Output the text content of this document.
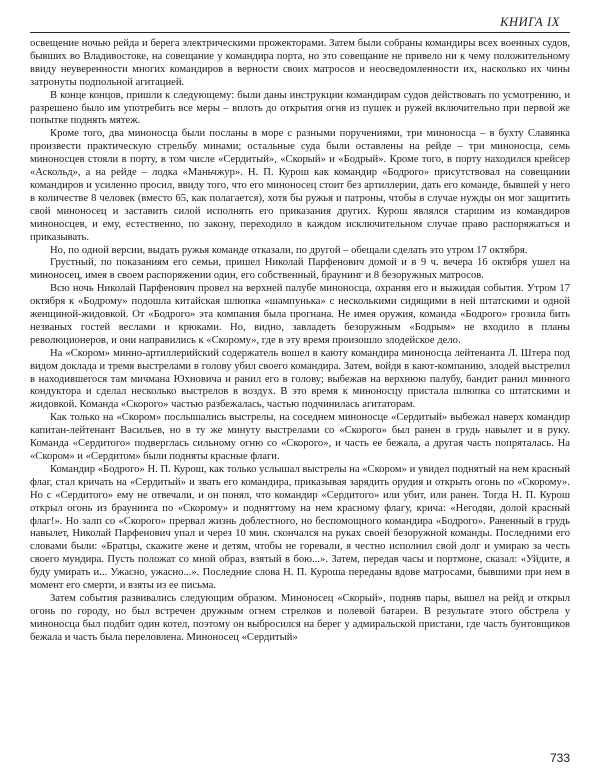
КНИГА IX

освещение ночью рейда и берега электрическими прожекторами. Затем были собраны командиры всех военных судов, бывших во Владивостоке, на совещание у командира порта, но это совещание не привело ни к чему положительному ввиду неуверенности многих командиров в верности своих матросов и неосведомленности их, насколько их чины затронуты подпольной агитацией.

В конце концов, пришли к следующему: были даны инструкции командирам судов действовать по усмотрению, и разрешено было им употребить все меры – вплоть до открытия огня из пушек и ружей включительно при первой же попытке поднять мятеж.

Кроме того, два миноносца были посланы в море с разными поручениями, три миноносца – в бухту Славянка произвести практическую стрельбу минами; остальные суда были оставлены на рейде – три миноносца, семь миноносцев стояли в порту, в том числе «Сердитый», «Скорый» и «Бодрый». Кроме того, в порту находился крейсер «Аскольд», а на рейде – лодка «Маньчжур». Н. П. Курош как командир «Бодрого» присутствовал на совещании командиров и усиленно просил, ввиду того, что его миноносец стоит без артиллерии, дать его команде, бывшей у него в количестве 8 человек (вместо 65, как полагается), хотя бы ружья и патроны, чтобы в случае нужды он мог защитить свой миноносец и заставить силой исполнять его приказания других. Курош являлся старшим из командиров миноносцев, и ему, естественно, по закону, переходило в каждом исключительном случае право распоряжаться и приказывать.

Но, по одной версии, выдать ружья команде отказали, по другой – обещали сделать это утром 17 октября.

Грустный, по показаниям его семьи, пришел Николай Парфенович домой и в 9 ч. вечера 16 октября ушел на миноносец, имея в своем распоряжении один, его собственный, браунинг и 8 безоружных матросов.

Всю ночь Николай Парфенович провел на верхней палубе миноносца, охраняя его и выжидая события. Утром 17 октября к «Бодрому» подошла китайская шлюпка «шампунька» с несколькими сидящими в ней штатскими и одной женщиной-жидовкой. От «Бодрого» эта компания была прогнана. Не имея оружия, команда «Бодрого» грозила бить незваных гостей веслами и крюками. Но, видно, завладеть безоружным «Бодрым» не входило в планы революционеров, и они направились к «Скорому», где в эту время произошло злодейское дело.

На «Скором» минно-артиллерийский содержатель вошел в каюту командира миноносца лейтенанта Л. Штера под видом доклада и тремя выстрелами в голову убил своего командира. Затем, войдя в кают-компанию, злодей выстрелил в находившегося там мичмана Юхновича и ранил его в голову; выбежав на верхнюю палубу, бандит ранил минного кондуктора и сделал несколько выстрелов в воздух. В это время к миноносцу пристала шлюпка со штатскими и жидовкой. Команда «Скорого» частью разбежалась, частью подчинилась агитаторам.

Как только на «Скором» послышались выстрелы, на соседнем миноносце «Сердитый» выбежал наверх командир капитан-лейтенант Васильев, но в ту же минуту выстрелами со «Скорого» был ранен в грудь навылет и в руку. Команда «Сердитого» подверглась сильному огню со «Скорого», и часть ее бежала, а другая часть попряталась. На «Скором» и «Сердитом» были подняты красные флаги.

Командир «Бодрого» Н. П. Курош, как только услышал выстрелы на «Скором» и увидел поднятый на нем красный флаг, стал кричать на «Сердитый» и звать его командира, приказывая зарядить орудия и открыть огонь по «Скорому». Но с «Сердитого» ему не отвечали, и он понял, что командир «Сердитого» или убит, или ранен. Тогда Н. П. Курош открыл огонь из браунинга по «Скорому» и подняттому на нем красному флагу, крича: «Негодяи, долой красный флаг!». Но залп со «Скорого» прервал жизнь доблестного, но беспомощного командира «Бодрого». Раненный в грудь навылет, Николай Парфенович упал и через 10 мин. скончался на руках своей безоружной команды. Последними его словами были: «Братцы, скажите жене и детям, чтобы не горевали, я честно исполнил свой долг и умираю за честь своего мундира. Пусть положат со мной образ, взятый в бою...». Затем, передав часы и портмоне, сказал: «Уйдите, я буду умирать и... Ужасно, ужасно...». Последние слова Н. П. Куроша переданы вдове матросами, бывшими при нем в момент его смерти, и взяты из ее письма.

Затем события развивались следующим образом. Миноносец «Скорый», подняв пары, вышел на рейд и открыл огонь по городу, но был встречен дружным огнем стрелков и полевой батареи. В результате этого обстрела у миноносца был подбит один котел, поэтому он выбросился на берег у адмиральской пристани, где часть бунтовщиков бежала и часть была переловлена. Миноносец «Сердитый»

733
